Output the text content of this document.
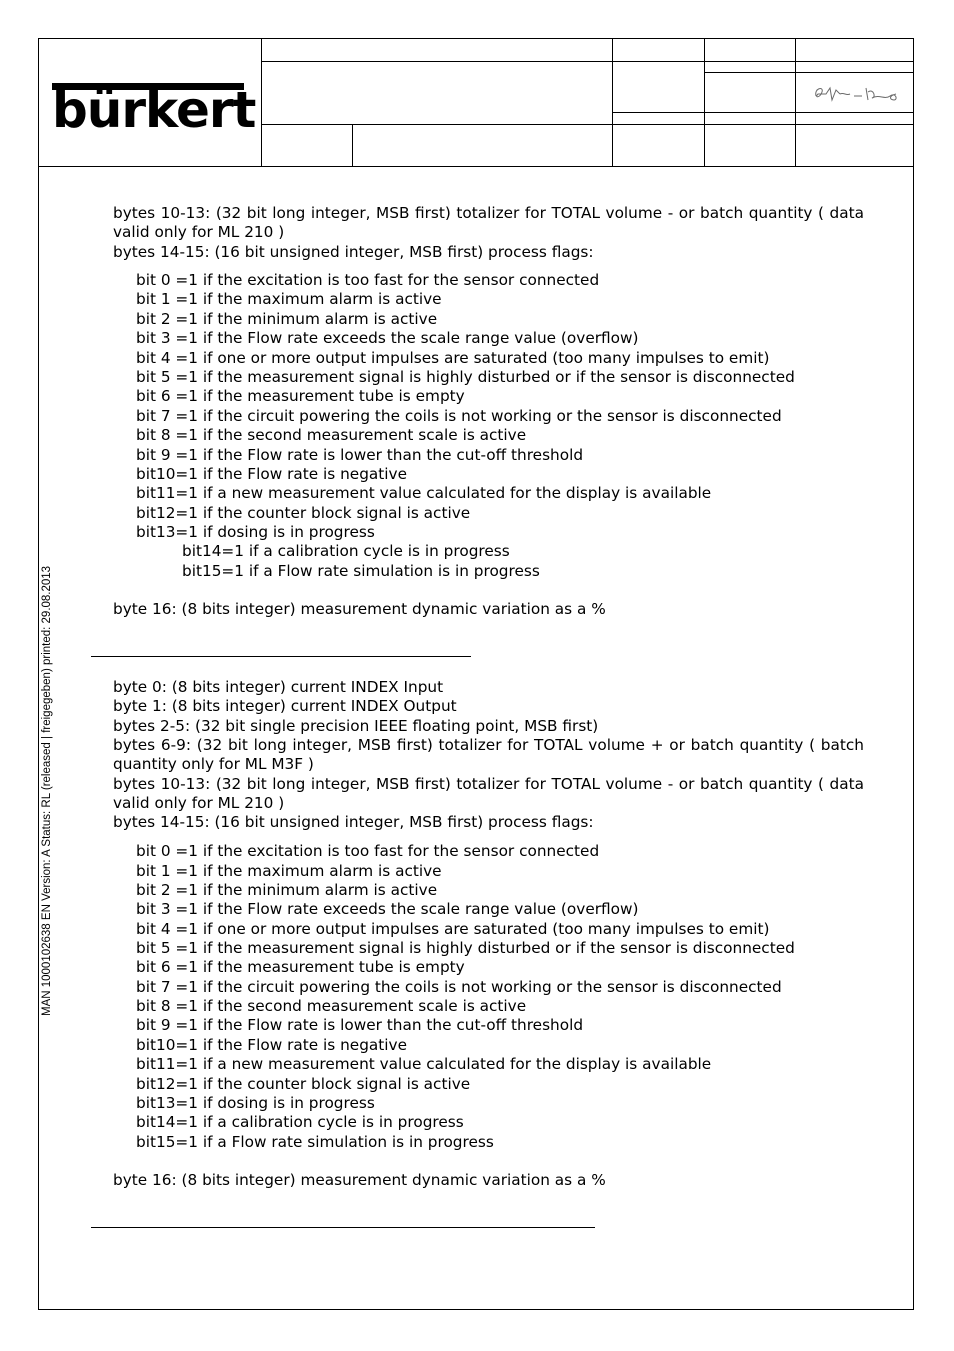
bürkert
MAN 1000102638 EN Version: A Status: RL (released | freigegeben) printed: 29.08.2013
bytes 10-13: (32 bit long integer, MSB first) totalizer for TOTAL volume - or batch quantity ( data valid only for ML 210 )
bytes 14-15: (16 bit unsigned integer, MSB first) process flags:
bit 0 =1 if the excitation is too fast for the sensor connected
bit 1 =1 if the maximum alarm is active
bit 2 =1 if the minimum alarm is active
bit 3 =1 if the Flow rate exceeds the scale range value (overflow)
bit 4 =1 if one or more output impulses are saturated (too many impulses to emit)
bit 5 =1 if the measurement signal is highly disturbed or if the sensor is disconnected
bit 6 =1 if the measurement tube is empty
bit 7 =1 if the circuit powering the coils is not working or the sensor is disconnected
bit 8 =1 if the second measurement scale is active
bit 9 =1 if the Flow rate is lower than the cut-off threshold
bit10=1 if the Flow rate is negative
bit11=1 if a new measurement value calculated for the display is available
bit12=1 if the counter block signal is active
bit13=1 if dosing is in progress
bit14=1 if a calibration cycle is in progress
bit15=1 if a Flow rate simulation is in progress
byte 16: (8 bits integer) measurement dynamic variation as a %
byte 0: (8 bits integer) current INDEX Input
byte 1: (8 bits integer) current INDEX Output
bytes 2-5: (32 bit single precision IEEE floating point, MSB first)
bytes 6-9: (32 bit long integer, MSB first) totalizer for TOTAL volume + or batch quantity ( batch quantity only for ML M3F )
bytes 10-13: (32 bit long integer, MSB first) totalizer for TOTAL volume - or batch quantity ( data valid only for ML 210 )
bytes 14-15: (16 bit unsigned integer, MSB first) process flags:
bit 0 =1 if the excitation is too fast for the sensor connected
bit 1 =1 if the maximum alarm is active
bit 2 =1 if the minimum alarm is active
bit 3 =1 if the Flow rate exceeds the scale range value (overflow)
bit 4 =1 if one or more output impulses are saturated (too many impulses to emit)
bit 5 =1 if the measurement signal is highly disturbed or if the sensor is disconnected
bit 6 =1 if the measurement tube is empty
bit 7 =1 if the circuit powering the coils is not working or the sensor is disconnected
bit 8 =1 if the second measurement scale is active
bit 9 =1 if the Flow rate is lower than the cut-off threshold
bit10=1 if the Flow rate is negative
bit11=1 if a new measurement value calculated for the display is available
bit12=1 if the counter block signal is active
bit13=1 if dosing is in progress
bit14=1 if a calibration cycle is in progress
bit15=1 if a Flow rate simulation is in progress
byte 16: (8 bits integer) measurement dynamic variation as a %
